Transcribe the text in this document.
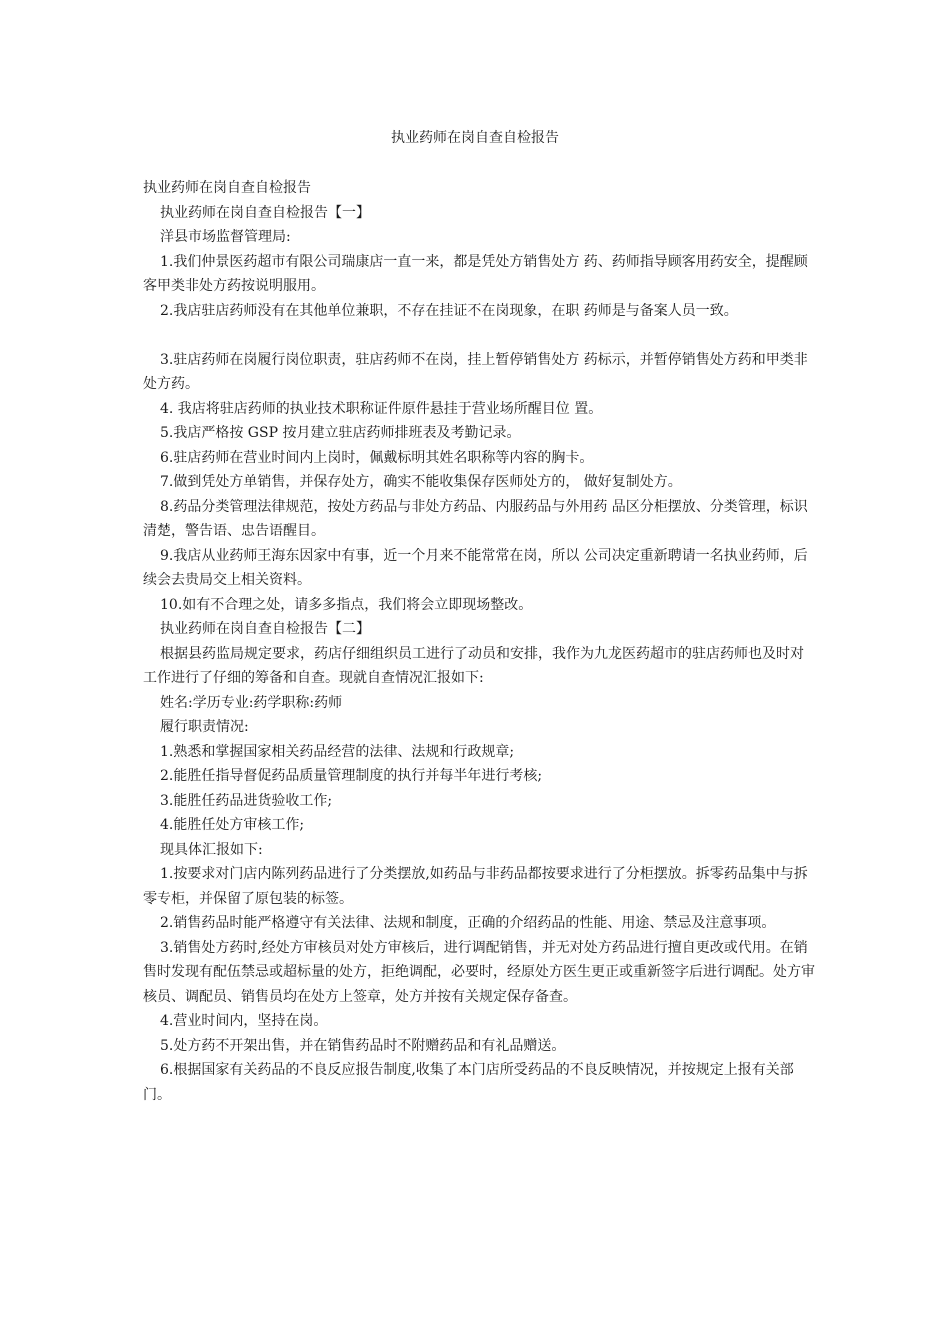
执业药师在岗自查自检报告

执业药师在岗自查自检报告

执业药师在岗自查自检报告【一】

洋县市场监督管理局:

1.我们仲景医药超市有限公司瑞康店一直一来，都是凭处方销售处方 药、药师指导顾客用药安全，提醒顾客甲类非处方药按说明服用。

2.我店驻店药师没有在其他单位兼职，不存在挂证不在岗现象，在职 药师是与备案人员一致。

3.驻店药师在岗履行岗位职责，驻店药师不在岗，挂上暂停销售处方 药标示，并暂停销售处方药和甲类非处方药。

4. 我店将驻店药师的执业技术职称证件原件悬挂于营业场所醒目位 置。

5.我店严格按 GSP 按月建立驻店药师排班表及考勤记录。

6.驻店药师在营业时间内上岗时，佩戴标明其姓名职称等内容的胸卡。

7.做到凭处方单销售，并保存处方，确实不能收集保存医师处方的， 做好复制处方。

8.药品分类管理法律规范，按处方药品与非处方药品、内服药品与外用药 品区分柜摆放、分类管理，标识清楚，警告语、忠告语醒目。

9.我店从业药师王海东因家中有事，近一个月来不能常常在岗，所以 公司决定重新聘请一名执业药师，后续会去贵局交上相关资料。

10.如有不合理之处，请多多指点，我们将会立即现场整改。

执业药师在岗自查自检报告【二】

根据县药监局规定要求，药店仔细组织员工进行了动员和安排，我作为九龙医药超市的驻店药师也及时对工作进行了仔细的筹备和自查。现就自查情况汇报如下:

姓名:学历专业:药学职称:药师

履行职责情况:

1.熟悉和掌握国家相关药品经营的法律、法规和行政规章;

2.能胜任指导督促药品质量管理制度的执行并每半年进行考核;

3.能胜任药品进货验收工作;

4.能胜任处方审核工作;

现具体汇报如下:

1.按要求对门店内陈列药品进行了分类摆放,如药品与非药品都按要求进行了分柜摆放。拆零药品集中与拆零专柜，并保留了原包装的标签。

2.销售药品时能严格遵守有关法律、法规和制度，正确的介绍药品的性能、用途、禁忌及注意事项。

3.销售处方药时,经处方审核员对处方审核后，进行调配销售，并无对处方药品进行擅自更改或代用。在销售时发现有配伍禁忌或超标量的处方，拒绝调配，必要时，经原处方医生更正或重新签字后进行调配。处方审核员、调配员、销售员均在处方上签章，处方并按有关规定保存备查。

4.营业时间内，坚持在岗。

5.处方药不开架出售，并在销售药品时不附赠药品和有礼品赠送。

6.根据国家有关药品的不良反应报告制度,收集了本门店所受药品的不良反映情况，并按规定上报有关部门。
